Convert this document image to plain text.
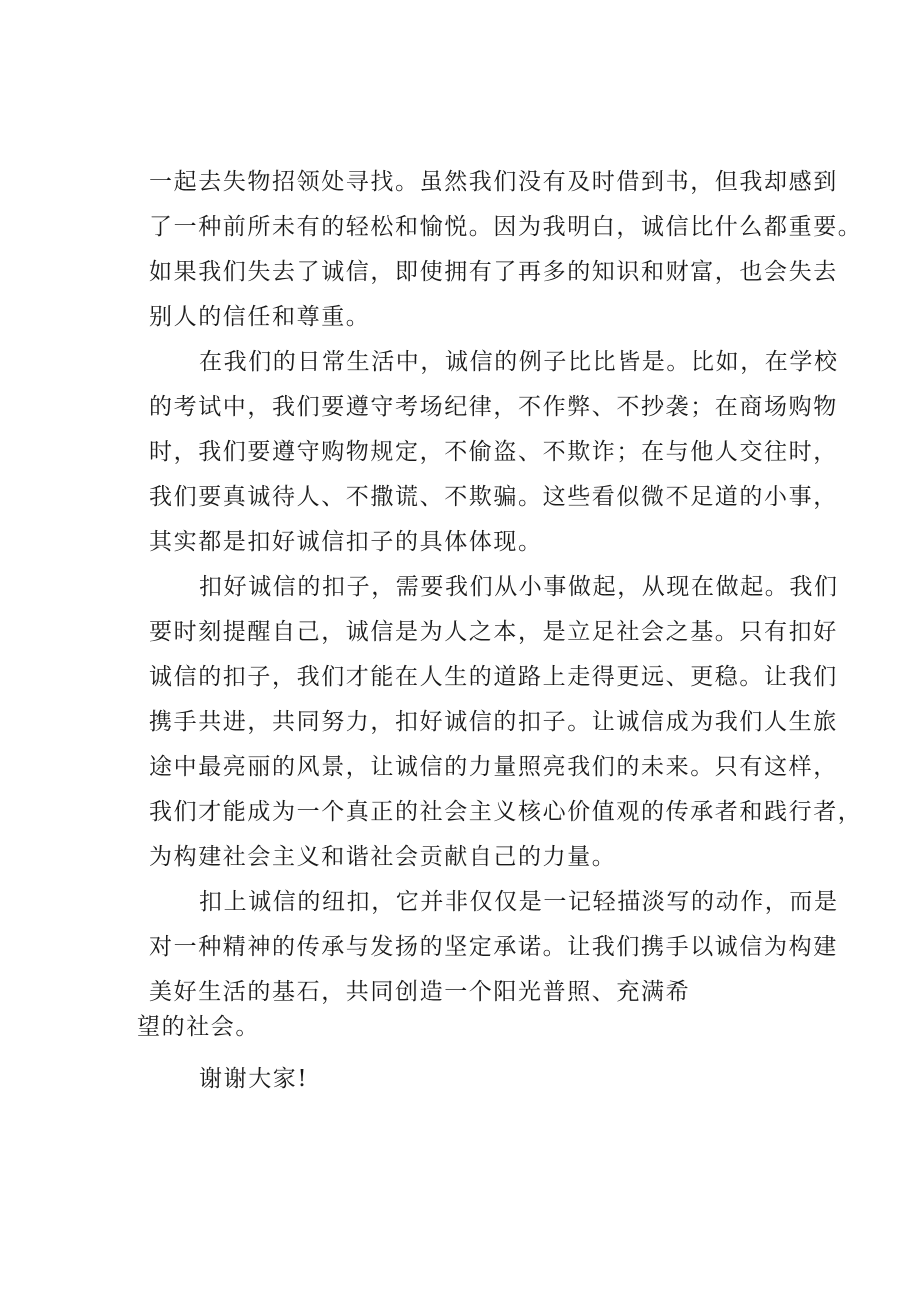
一起去失物招领处寻找。虽然我们没有及时借到书，但我却感到

了一种前所未有的轻松和愉悦。因为我明白，诚信比什么都重要。

如果我们失去了诚信，即使拥有了再多的知识和财富，也会失去

别人的信任和尊重。

在我们的日常生活中，诚信的例子比比皆是。比如，在学校

的考试中，我们要遵守考场纪律，不作弊、不抄袭；在商场购物

时，我们要遵守购物规定，不偷盗、不欺诈；在与他人交往时，

我们要真诚待人、不撒谎、不欺骗。这些看似微不足道的小事，

其实都是扣好诚信扣子的具体体现。

扣好诚信的扣子，需要我们从小事做起，从现在做起。我们

要时刻提醒自己，诚信是为人之本，是立足社会之基。只有扣好

诚信的扣子，我们才能在人生的道路上走得更远、更稳。让我们

携手共进，共同努力，扣好诚信的扣子。让诚信成为我们人生旅

途中最亮丽的风景，让诚信的力量照亮我们的未来。只有这样，

我们才能成为一个真正的社会主义核心价值观的传承者和践行者，

为构建社会主义和谐社会贡献自己的力量。

扣上诚信的纽扣，它并非仅仅是一记轻描淡写的动作，而是

对一种精神的传承与发扬的坚定承诺。让我们携手以诚信为构建

美好生活的基石，共同创造一个阳光普照、充满希

望的社会。

谢谢大家!
